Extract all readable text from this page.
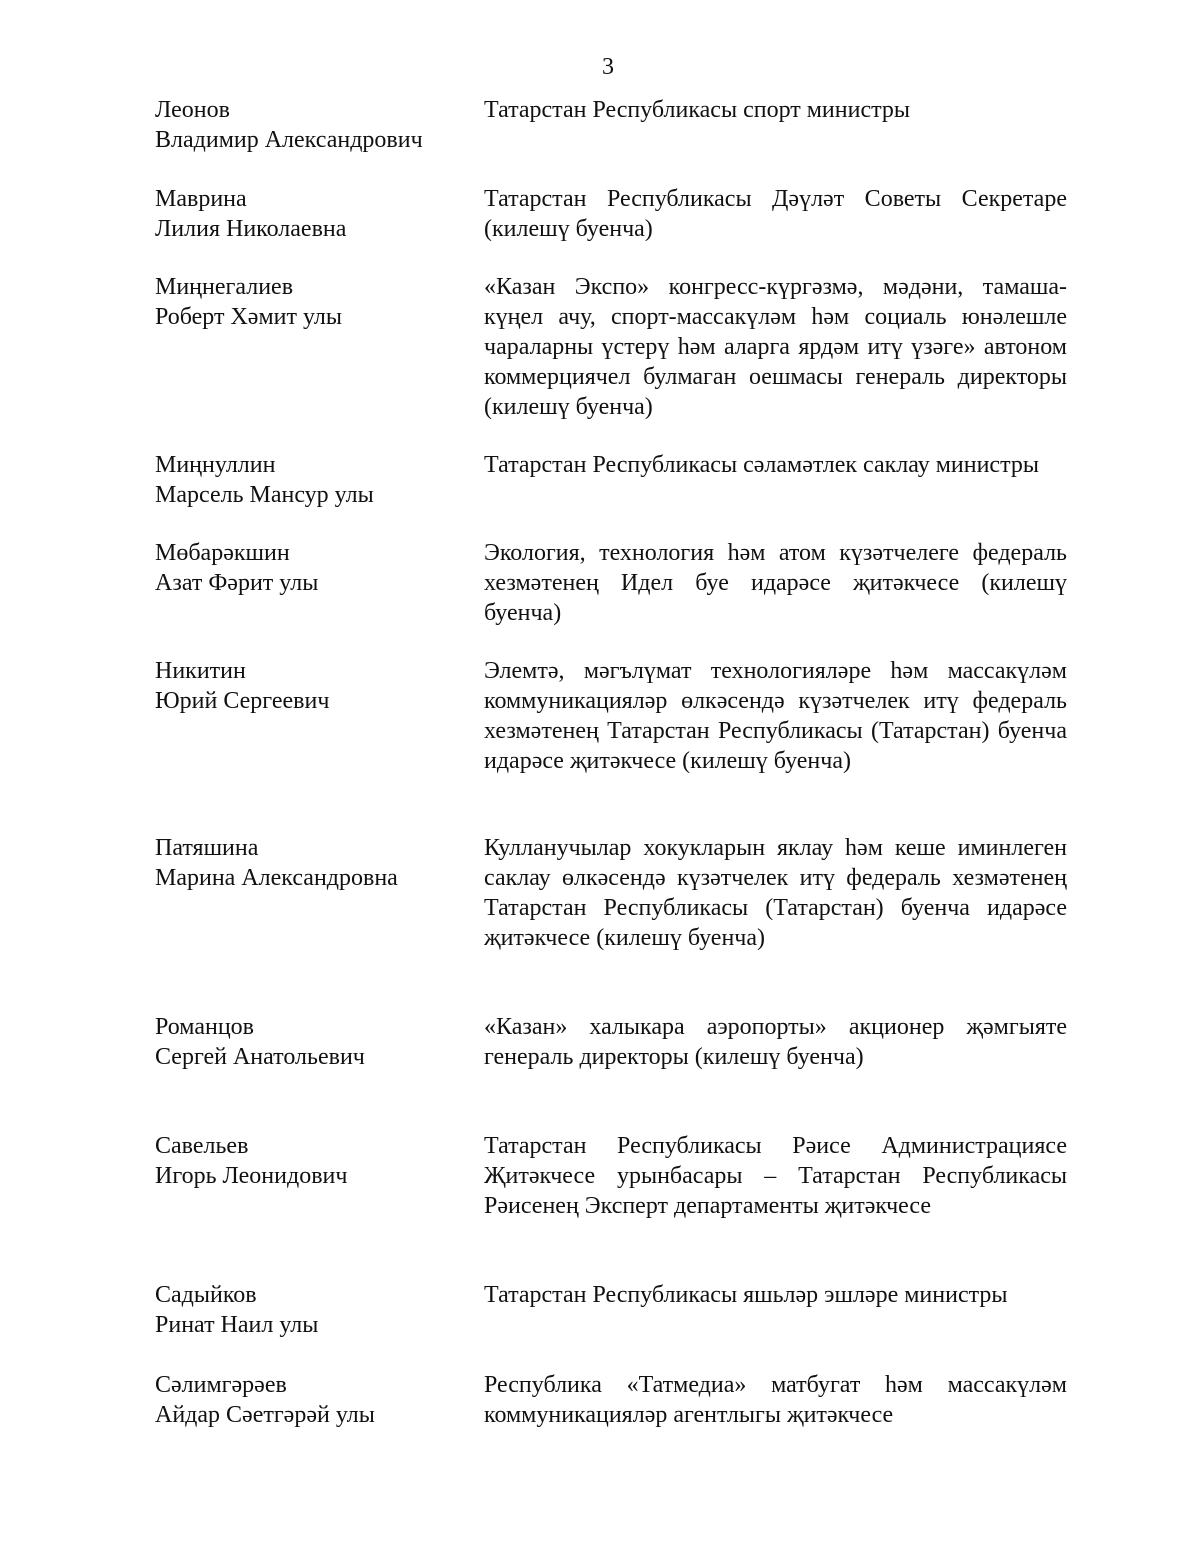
3
Леонов
Владимир Александрович
Татарстан Республикасы спорт министры
Маврина
Лилия Николаевна
Татарстан Республикасы Дәүләт Советы Секретаре (килешү буенча)
Миңнегалиев
Роберт Хәмит улы
«Казан Экспо» конгресс-күргәзмә, мәдәни, тамаша-күңел ачу, спорт-массакүләм һәм социаль юнәлешле чараларны үстерү һәм аларга ярдәм итү үзәге» автоном коммерциячел булмаган оешмасы генераль директоры (килешү буенча)
Миңнуллин
Марсель Мансур улы
Татарстан Республикасы сәламәтлек саклау министры
Мөбарәкшин
Азат Фәрит улы
Экология, технология һәм атом күзәтчелеге федераль хезмәтенең Идел буе идарәсе җитәкчесе (килешү буенча)
Никитин
Юрий Сергеевич
Элемтә, мәгълүмат технологияләре һәм массакүләм коммуникацияләр өлкәсендә күзәтчелек итү федераль хезмәтенең Татарстан Республикасы (Татарстан) буенча идарәсе җитәкчесе (килешү буенча)
Патяшина
Марина Александровна
Кулланучылар хокукларын яклау һәм кеше иминлеген саклау өлкәсендә күзәтчелек итү федераль хезмәтенең Татарстан Республикасы (Татарстан) буенча идарәсе җитәкчесе (килешү буенча)
Романцов
Сергей Анатольевич
«Казан» халыкара аэропорты» акционер җәмгыяте генераль директоры (килешү буенча)
Савельев
Игорь Леонидович
Татарстан Республикасы Рәисе Администрациясе Җитәкчесе урынбасары – Татарстан Республикасы Рәисенең Эксперт департаменты җитәкчесе
Садыйков
Ринат Наил улы
Татарстан Республикасы яшьләр эшләре министры
Сәлимгәрәев
Айдар Сәетгәрәй улы
Республика «Татмедиа» матбугат һәм массакүләм коммуникацияләр агентлыгы җитәкчесе
